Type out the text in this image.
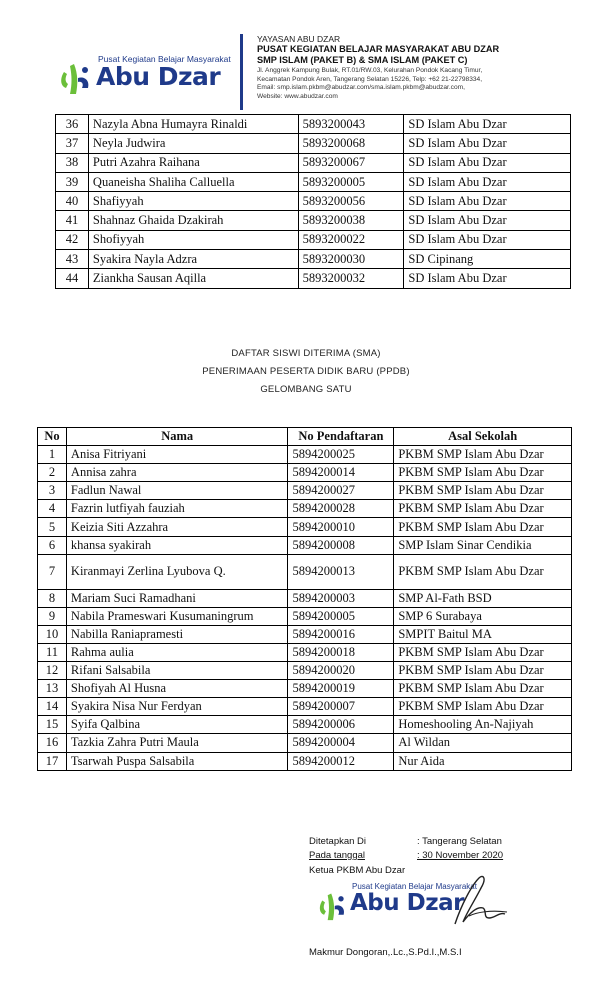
Pusat Kegiatan Belajar Masyarakat
Abu Dzar
YAYASAN ABU DZAR
PUSAT KEGIATAN BELAJAR MASYARAKAT ABU DZAR
SMP ISLAM (PAKET B) & SMA ISLAM (PAKET C)
Jl. Anggrek Kampung Bulak, RT.01/RW.03, Kelurahan Pondok Kacang Timur,
Kecamatan Pondok Aren, Tangerang Selatan 15226, Telp: +62 21-22798334,
Email: smp.islam.pkbm@abudzar.com/sma.islam.pkbm@abudzar.com,
Website: www.abudzar.com
36	Nazyla Abna Humayra Rinaldi	5893200043	SD Islam Abu Dzar
37	Neyla Judwira	5893200068	SD Islam Abu Dzar
38	Putri Azahra Raihana	5893200067	SD Islam Abu Dzar
39	Quaneisha Shaliha Calluella	5893200005	SD Islam Abu Dzar
40	Shafiyyah	5893200056	SD Islam Abu Dzar
41	Shahnaz Ghaida Dzakirah	5893200038	SD Islam Abu Dzar
42	Shofiyyah	5893200022	SD Islam Abu Dzar
43	Syakira Nayla Adzra	5893200030	SD Cipinang
44	Ziankha Sausan Aqilla	5893200032	SD Islam Abu Dzar
DAFTAR SISWI DITERIMA (SMA)
PENERIMAAN PESERTA DIDIK BARU (PPDB)
GELOMBANG SATU
No	Nama	No Pendaftaran	Asal Sekolah
1	Anisa Fitriyani	5894200025	PKBM SMP Islam Abu Dzar
2	Annisa zahra	5894200014	PKBM SMP Islam Abu Dzar
3	Fadlun Nawal	5894200027	PKBM SMP Islam Abu Dzar
4	Fazrin lutfiyah fauziah	5894200028	PKBM SMP Islam Abu Dzar
5	Keizia Siti Azzahra	5894200010	PKBM SMP Islam Abu Dzar
6	khansa syakirah	5894200008	SMP Islam Sinar Cendikia
7	Kiranmayi Zerlina Lyubova Q.	5894200013	PKBM SMP Islam Abu Dzar
8	Mariam Suci Ramadhani	5894200003	SMP Al-Fath BSD
9	Nabila Prameswari Kusumaningrum	5894200005	SMP 6 Surabaya
10	Nabilla Raniapramesti	5894200016	SMPIT Baitul MA
11	Rahma aulia	5894200018	PKBM SMP Islam Abu Dzar
12	Rifani Salsabila	5894200020	PKBM SMP Islam Abu Dzar
13	Shofiyah Al Husna	5894200019	PKBM SMP Islam Abu Dzar
14	Syakira Nisa Nur Ferdyan	5894200007	PKBM SMP Islam Abu Dzar
15	Syifa Qalbina	5894200006	Homeshooling An-Najiyah
16	Tazkia Zahra Putri Maula	5894200004	Al Wildan
17	Tsarwah Puspa Salsabila	5894200012	Nur Aida
Ditetapkan Di	: Tangerang Selatan
Pada tanggal	: 30 November 2020
Ketua PKBM Abu Dzar
Pusat Kegiatan Belajar Masyarakat
Abu Dzar
Makmur Dongoran,.Lc.,S.Pd.I.,M.S.I
